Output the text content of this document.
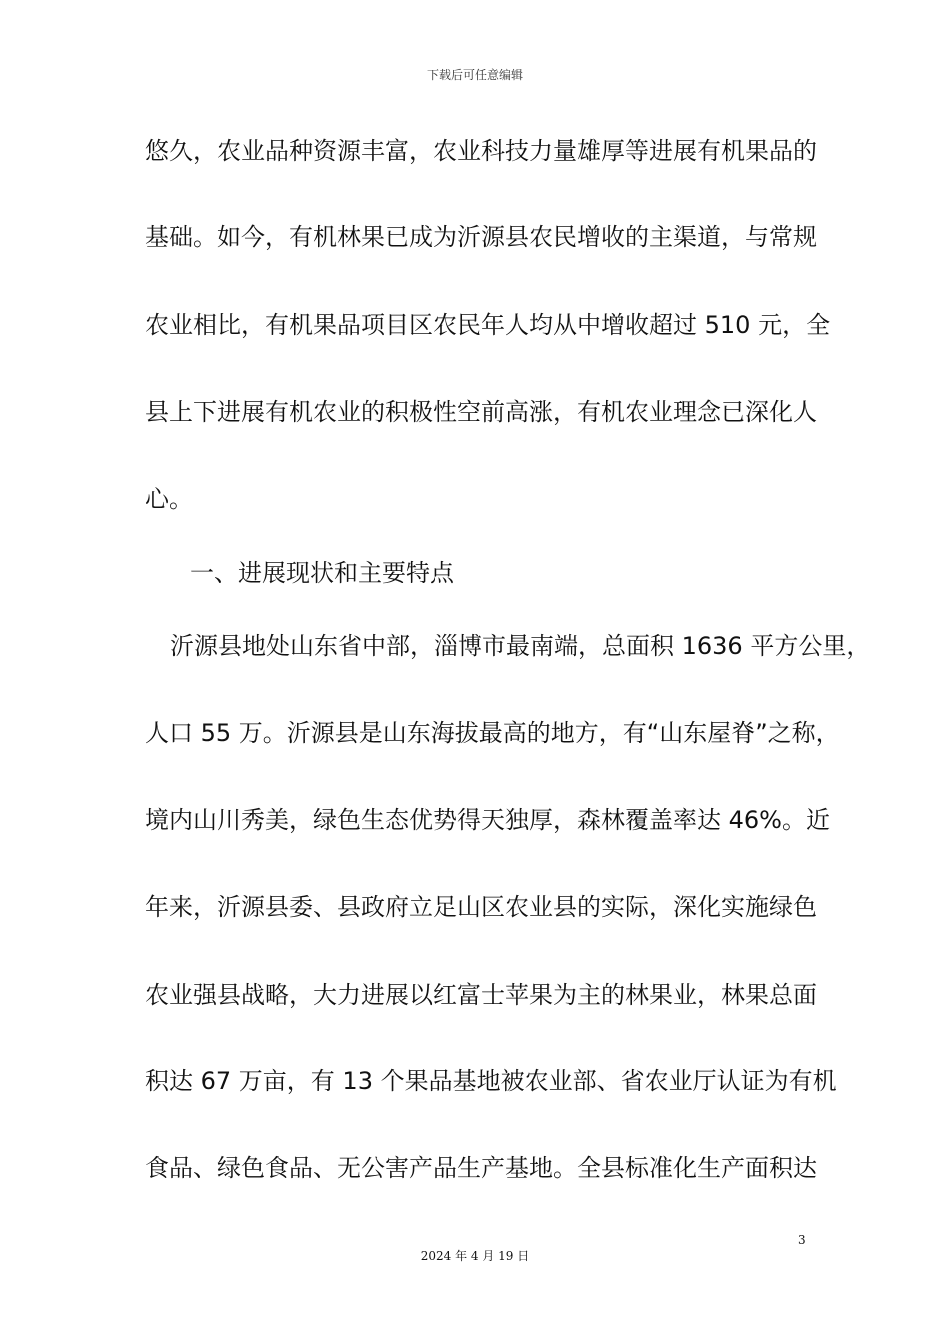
下载后可任意编辑
悠久，农业品种资源丰富，农业科技力量雄厚等进展有机果品的
基础。如今，有机林果已成为沂源县农民增收的主渠道，与常规
农业相比，有机果品项目区农民年人均从中增收超过 510 元，全
县上下进展有机农业的积极性空前高涨，有机农业理念已深化人
心。
一、进展现状和主要特点
沂源县地处山东省中部，淄博市最南端，总面积 1636 平方公里，
人口 55 万。沂源县是山东海拔最高的地方，有“山东屋脊”之称，
境内山川秀美，绿色生态优势得天独厚，森林覆盖率达 46%。近
年来，沂源县委、县政府立足山区农业县的实际，深化实施绿色
农业强县战略，大力进展以红富士苹果为主的林果业，林果总面
积达 67 万亩，有 13 个果品基地被农业部、省农业厅认证为有机
食品、绿色食品、无公害产品生产基地。全县标准化生产面积达
3
2024 年 4 月 19 日
